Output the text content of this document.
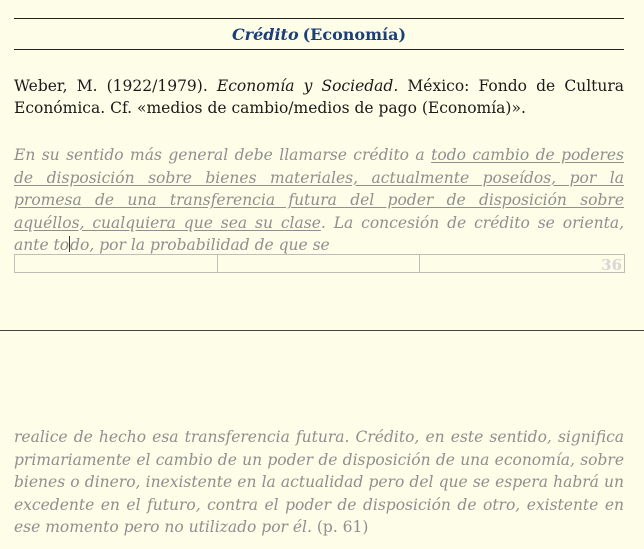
Crédito (Economía)
Weber, M. (1922/1979). Economía y Sociedad. México: Fondo de Cultura Económica. Cf. «medios de cambio/medios de pago (Economía)».
En su sentido más general debe llamarse crédito a todo cambio de poderes de disposición sobre bienes materiales, actualmente poseídos, por la promesa de una transferencia futura del poder de disposición sobre aquéllos, cualquiera que sea su clase. La concesión de crédito se orienta, ante todo, por la probabilidad de que se
36
realice de hecho esa transferencia futura. Crédito, en este sentido, significa primariamente el cambio de un poder de disposición de una economía, sobre bienes o dinero, inexistente en la actualidad pero del que se espera habrá un excedente en el futuro, contra el poder de disposición de otro, existente en ese momento pero no utilizado por él. (p. 61)
